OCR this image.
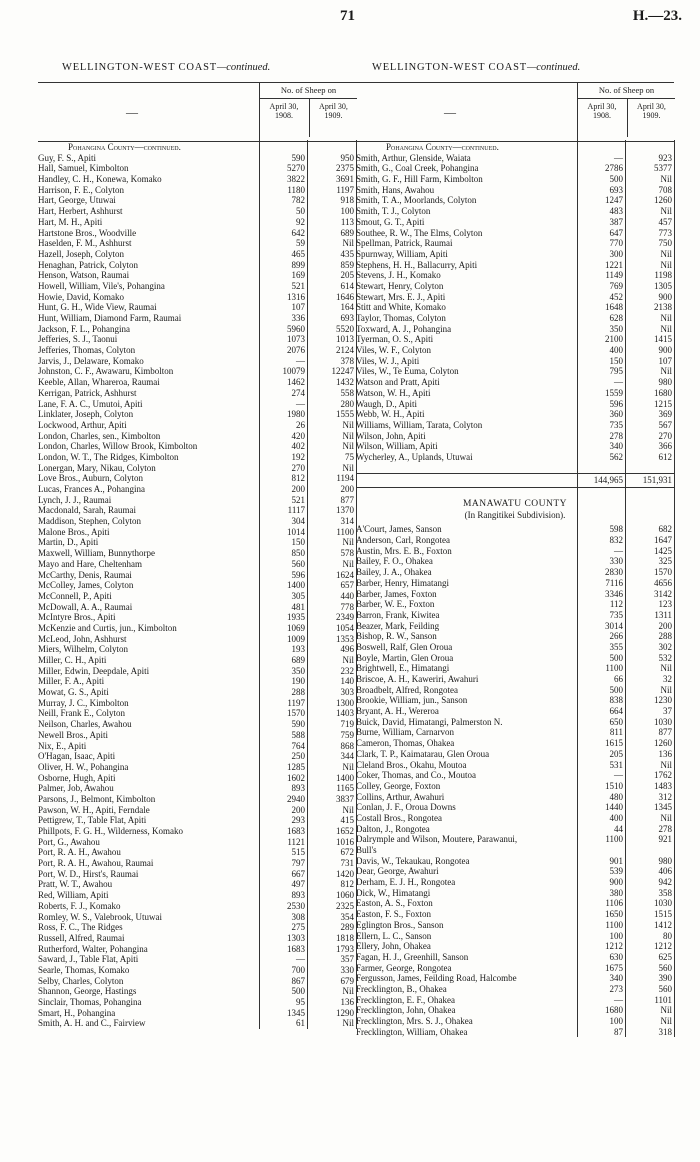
71	H.—23.
WELLINGTON-WEST COAST—continued.	WELLINGTON-WEST COAST—continued.
—
No. of Sheep on
April 30, 1908.
April 30, 1909.
Pohangina County—continued.
Guy, F. S., Apiti	590	950
Hall, Samuel, Kimbolton	5270	2375
Handley, C. H., Konewa, Komako	3822	3691
Harrison, F. E., Colyton	1180	1197
Hart, George, Utuwai	782	918
Hart, Herbert, Ashhurst	50	100
Hart, M. H., Apiti	92	113
Hartstone Bros., Woodville	642	689
Haselden, F. M., Ashhurst	59	Nil
Hazell, Joseph, Colyton	465	435
Henaghan, Patrick, Colyton	899	859
Henson, Watson, Raumai	169	205
Howell, William, Vile's, Pohangina	521	614
Howie, David, Komako	1316	1646
Hunt, G. H., Wide View, Raumai	107	164
Hunt, William, Diamond Farm, Raumai	336	693
Jackson, F. L., Pohangina	5960	5520
Jefferies, S. J., Taonui	1073	1013
Jefferies, Thomas, Colyton	2076	2124
Jarvis, J., Delaware, Komako	—	378
Johnston, C. F., Awawaru, Kimbolton	10079	12247
Keeble, Allan, Whareroa, Raumai	1462	1432
Kerrigan, Patrick, Ashhurst	274	558
Lane, F. A. C., Umutoi, Apiti	—	280
Linklater, Joseph, Colyton	1980	1555
Lockwood, Arthur, Apiti	26	Nil
London, Charles, sen., Kimbolton	420	Nil
London, Charles, Willow Brook, Kimbolton	402	Nil
London, W. T., The Ridges, Kimbolton	192	75
Lonergan, Mary, Nikau, Colyton	270	Nil
Love Bros., Auburn, Colyton	812	1194
Lucas, Frances A., Pohangina	200	200
Lynch, J. J., Raumai	521	877
Macdonald, Sarah, Raumai	1117	1370
Maddison, Stephen, Colyton	304	314
Malone Bros., Apiti	1014	1100
Martin, D., Apiti	150	Nil
Maxwell, William, Bunnythorpe	850	578
Mayo and Hare, Cheltenham	560	Nil
McCarthy, Denis, Raumai	596	1624
McColley, James, Colyton	1400	657
McConnell, P., Apiti	305	440
McDowall, A. A., Raumai	481	778
McIntyre Bros., Apiti	1935	2349
McKenzie and Curtis, jun., Kimbolton	1069	1054
McLeod, John, Ashhurst	1009	1353
Miers, Wilhelm, Colyton	193	496
Miller, C. H., Apiti	689	Nil
Miller, Edwin, Deepdale, Apiti	350	232
Miller, F. A., Apiti	190	140
Mowat, G. S., Apiti	288	303
Murray, J. C., Kimbolton	1197	1300
Neill, Frank E., Colyton	1570	1403
Neilson, Charles, Awahou	590	719
Newell Bros., Apiti	588	759
Nix, E., Apiti	764	868
O'Hagan, Isaac, Apiti	250	344
Oliver, H. W., Pohangina	1285	Nil
Osborne, Hugh, Apiti	1602	1400
Palmer, Job, Awahou	893	1165
Parsons, J., Belmont, Kimbolton	2940	3837
Pawson, W. H., Apiti, Ferndale	200	Nil
Pettigrew, T., Table Flat, Apiti	293	415
Phillpots, F. G. H., Wilderness, Komako	1683	1652
Port, G., Awahou	1121	1016
Port, R. A. H., Awahou	515	672
Port, R. A. H., Awahou, Raumai	797	731
Port, W. D., Hirst's, Raumai	667	1420
Pratt, W. T., Awahou	497	812
Red, William, Apiti	893	1060
Roberts, F. J., Komako	2530	2325
Romley, W. S., Valebrook, Utuwai	308	354
Ross, F. C., The Ridges	275	289
Russell, Alfred, Raumai	1303	1818
Rutherford, Walter, Pohangina	1683	1793
Saward, J., Table Flat, Apiti	—	357
Searle, Thomas, Komako	700	330
Selby, Charles, Colyton	867	679
Shannon, George, Hastings	500	Nil
Sinclair, Thomas, Pohangina	95	136
Smart, H., Pohangina	1345	1290
Smith, A. H. and C., Fairview	61	Nil
—
No. of Sheep on
April 30, 1908.
April 30, 1909.
Pohangina County—continued.
Smith, Arthur, Glenside, Waiata	—	923
Smith, G., Coal Creek, Pohangina	2786	5377
Smith, G. F., Hill Farm, Kimbolton	500	Nil
Smith, Hans, Awahou	693	708
Smith, T. A., Moorlands, Colyton	1247	1260
Smith, T. J., Colyton	483	Nil
Smout, G. T., Apiti	387	457
Southee, R. W., The Elms, Colyton	647	773
Spellman, Patrick, Raumai	770	750
Spurnway, William, Apiti	300	Nil
Stephens, H. H., Ballacurry, Apiti	1221	Nil
Stevens, J. H., Komako	1149	1198
Stewart, Henry, Colyton	769	1305
Stewart, Mrs. E. J., Apiti	452	900
Stitt and White, Komako	1648	2138
Taylor, Thomas, Colyton	628	Nil
Toxward, A. J., Pohangina	350	Nil
Tyerman, O. S., Apiti	2100	1415
Viles, W. F., Colyton	400	900
Viles, W. J., Apiti	150	107
Viles, W., Te Euma, Colyton	795	Nil
Watson and Pratt, Apiti	—	980
Watson, W. H., Apiti	1559	1680
Waugh, D., Apiti	596	1215
Webb, W. H., Apiti	360	369
Williams, William, Tarata, Colyton	735	567
Wilson, John, Apiti	278	270
Wilson, William, Apiti	340	366
Wycherley, A., Uplands, Utuwai	562	612
144,965	151,931
MANAWATU COUNTY
(In Rangitikei Subdivision).
A'Court, James, Sanson	598	682
Anderson, Carl, Rongotea	832	1647
Austin, Mrs. E. B., Foxton	—	1425
Bailey, F. O., Ohakea	330	325
Bailey, J. A., Ohakea	2830	1570
Barber, Henry, Himatangi	7116	4656
Barber, James, Foxton	3346	3142
Barber, W. E., Foxton	112	123
Barron, Frank, Kiwitea	735	1311
Beazer, Mark, Feilding	3014	200
Bishop, R. W., Sanson	266	288
Boswell, Ralf, Glen Oroua	355	302
Boyle, Martin, Glen Oroua	500	532
Brightwell, E., Himatangi	1100	Nil
Briscoe, A. H., Kaweriri, Awahuri	66	32
Broadbelt, Alfred, Rongotea	500	Nil
Brookie, William, jun., Sanson	838	1230
Bryant, A. H., Wereroa	664	37
Buick, David, Himatangi, Palmerston N.	650	1030
Burne, William, Carnarvon	811	877
Cameron, Thomas, Ohakea	1615	1260
Clark, T. P., Kaimatarau, Glen Oroua	205	136
Cleland Bros., Okahu, Moutoa	531	Nil
Coker, Thomas, and Co., Moutoa	—	1762
Colley, George, Foxton	1510	1483
Collins, Arthur, Awahuri	480	312
Conlan, J. F., Oroua Downs	1440	1345
Costall Bros., Rongotea	400	Nil
Dalton, J., Rongotea	44	278
Dalrymple and Wilson, Moutere, Parawanui,	1100	921
Bull's
Davis, W., Tekaukau, Rongotea	901	980
Dear, George, Awahuri	539	406
Derham, E. J. H., Rongotea	900	942
Dick, W., Himatangi	380	358
Easton, A. S., Foxton	1106	1030
Easton, F. S., Foxton	1650	1515
Eglington Bros., Sanson	1100	1412
Ellern, L. C., Sanson	100	80
Ellery, John, Ohakea	1212	1212
Fagan, H. J., Greenhill, Sanson	630	625
Farmer, George, Rongotea	1675	560
Fergusson, James, Feilding Road, Halcombe	340	390
Frecklington, B., Ohakea	273	560
Frecklington, E. F., Ohakea	—	1101
Frecklington, John, Ohakea	1680	Nil
Frecklington, Mrs. S. J., Ohakea	100	Nil
Frecklington, William, Ohakea	87	318
